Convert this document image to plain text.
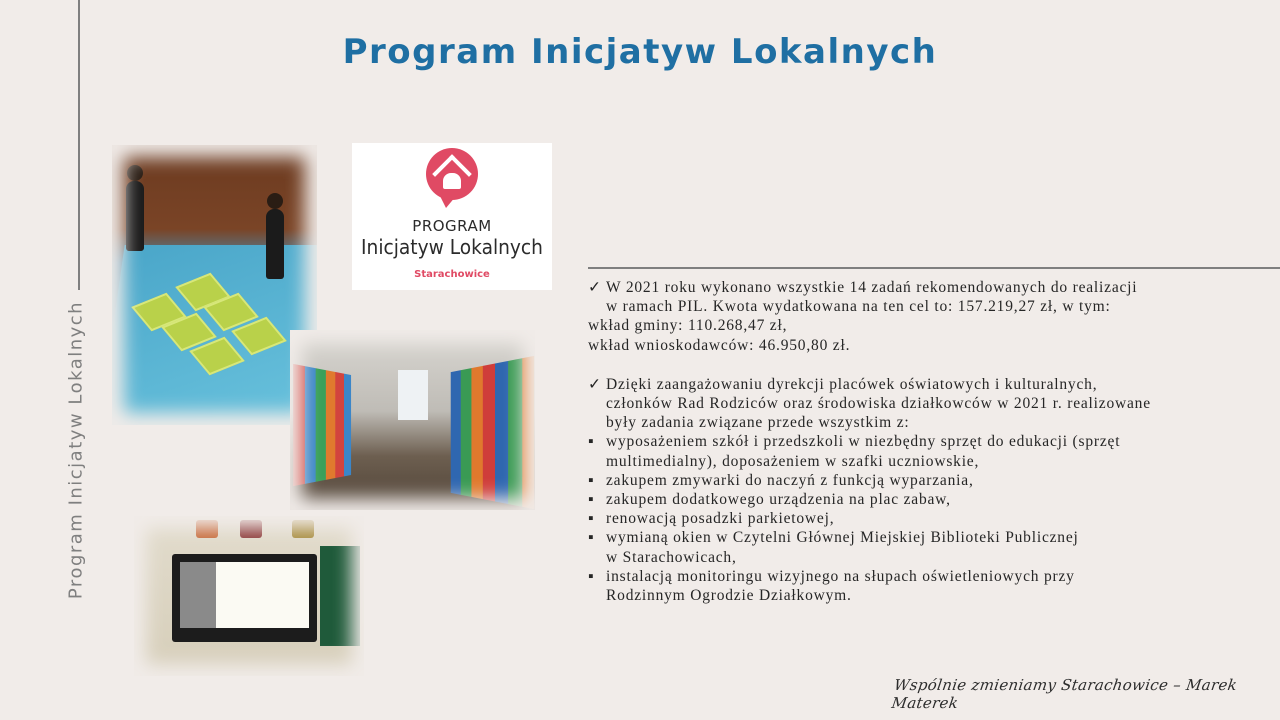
Program Inicjatyw Lokalnych
Program Inicjatyw Lokalnych
PROGRAM
Inicjatyw Lokalnych
Starachowice
✓ W 2021 roku wykonano wszystkie 14 zadań rekomendowanych do realizacji
w ramach PIL. Kwota wydatkowana na ten cel to: 157.219,27 zł, w tym:
wkład gminy: 110.268,47 zł,
wkład wnioskodawców: 46.950,80 zł.
✓ Dzięki zaangażowaniu dyrekcji placówek oświatowych i kulturalnych,
członków Rad Rodziców oraz środowiska działkowców w 2021 r. realizowane
były zadania związane przede wszystkim z:
▪ wyposażeniem szkół i przedszkoli w niezbędny sprzęt do edukacji (sprzęt
multimedialny), doposażeniem w szafki uczniowskie,
▪ zakupem zmywarki do naczyń z funkcją wyparzania,
▪ zakupem dodatkowego urządzenia na plac zabaw,
▪ renowacją posadzki parkietowej,
▪ wymianą okien w Czytelni Głównej Miejskiej Biblioteki Publicznej
w Starachowicach,
▪ instalacją monitoringu wizyjnego na słupach oświetleniowych przy
Rodzinnym Ogrodzie Działkowym.
Wspólnie zmieniamy Starachowice – Marek Materek
